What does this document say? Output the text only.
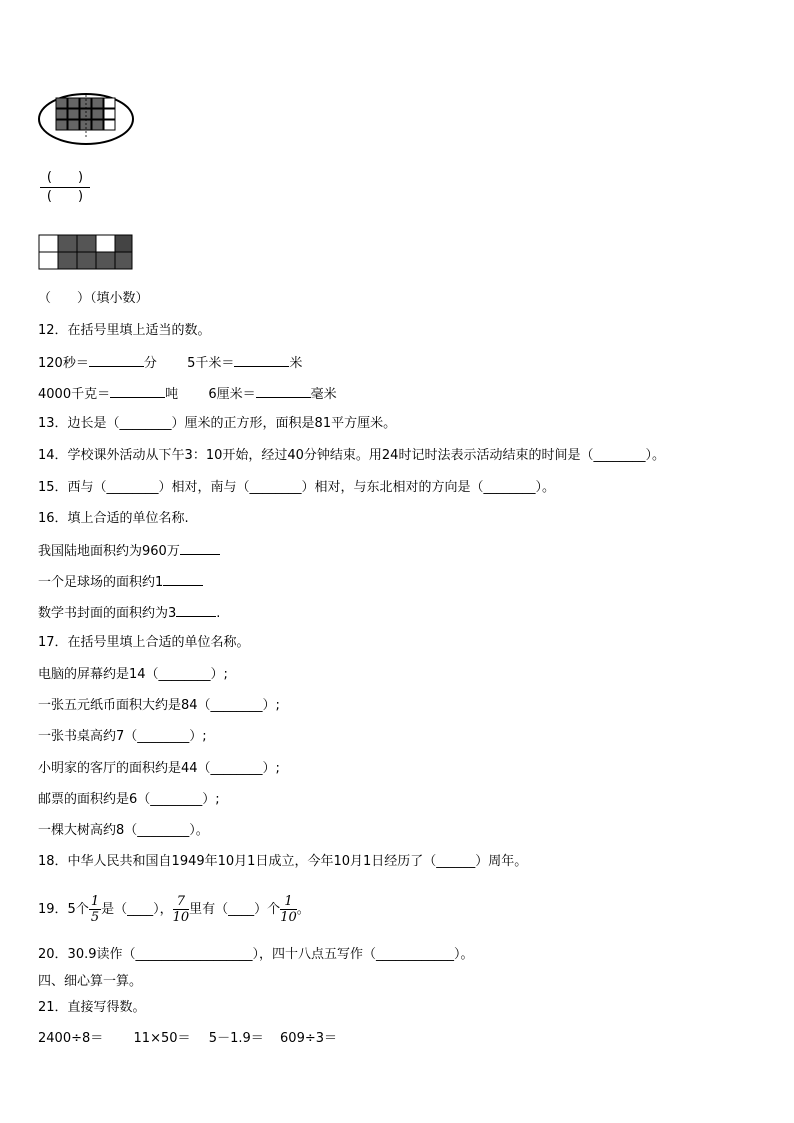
(　　)
(　　)
（　　）（填小数）
12．在括号里填上适当的数。
120秒＝	分 5千米＝	米
4000千克＝	吨 6厘米＝	毫米
13．边长是（________）厘米的正方形，面积是81平方厘米。
14．学校课外活动从下午3：10开始，经过40分钟结束。用24时记时法表示活动结束的时间是（________）。
15．西与（________）相对，南与（________）相对，与东北相对的方向是（________）。
16．填上合适的单位名称.
我国陆地面积约为960万
一个足球场的面积约1
数学书封面的面积约为3	.
17．在括号里填上合适的单位名称。
电脑的屏幕约是14（________）;
一张五元纸币面积大约是84（________）;
一张书桌高约7（________）;
小明家的客厅的面积约是44（________）;
邮票的面积约是6（________）;
一棵大树高约8（________）。
18．中华人民共和国自1949年10月1日成立，今年10月1日经历了（______）周年。
19．5个 $\frac{1}{5}$ 是（____）， $\frac{7}{10}$ 里有（____）个 $\frac{1}{10}$ 。
20．30.9读作（__________________），四十八点五写作（____________）。
四、细心算一算。
21．直接写得数。
2400÷8＝ 11×50＝ 5－1.9＝ 609÷3＝
